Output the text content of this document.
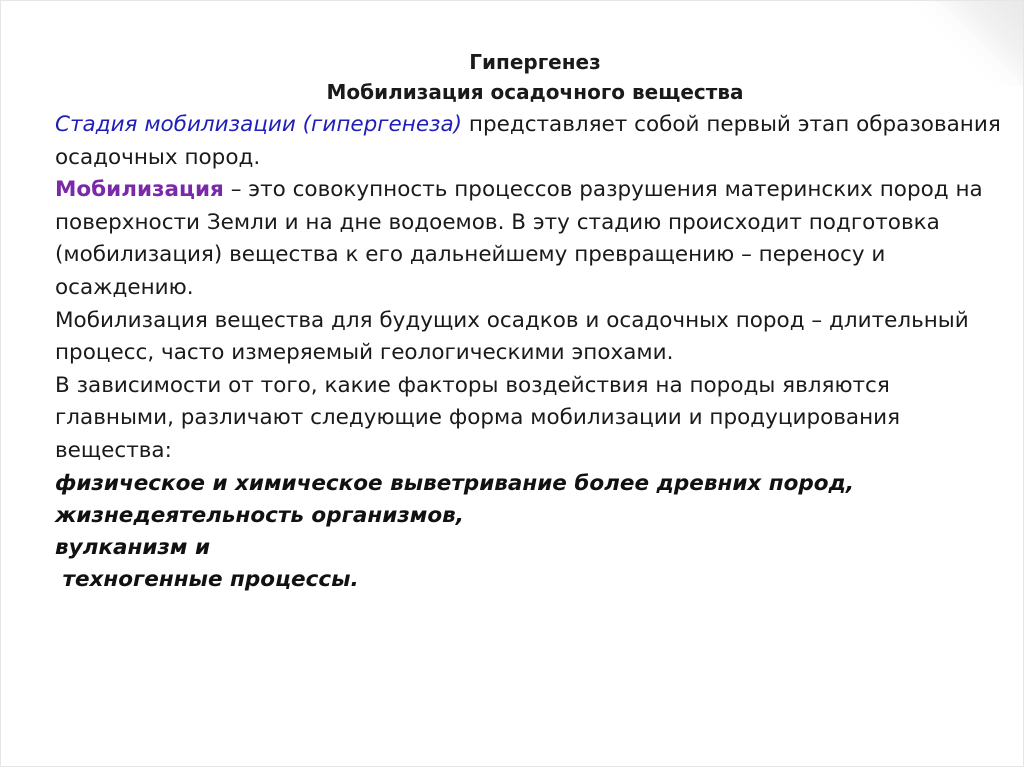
Гипергенез

Мобилизация осадочного вещества

Стадия мобилизации (гипергенеза) представляет собой первый этап образования осадочных пород.

Мобилизация – это совокупность процессов разрушения материнских пород на поверхности Земли и на дне водоемов. В эту стадию происходит подготовка (мобилизация) вещества к его дальнейшему превращению – переносу и осаждению.

Мобилизация вещества для будущих осадков и осадочных пород – длительный процесс, часто измеряемый геологическими эпохами.

В зависимости от того, какие факторы воздействия на породы являются главными, различают следующие форма мобилизации и продуцирования вещества:

физическое и химическое выветривание более древних пород,

жизнедеятельность организмов,

вулканизм и

техногенные процессы.
